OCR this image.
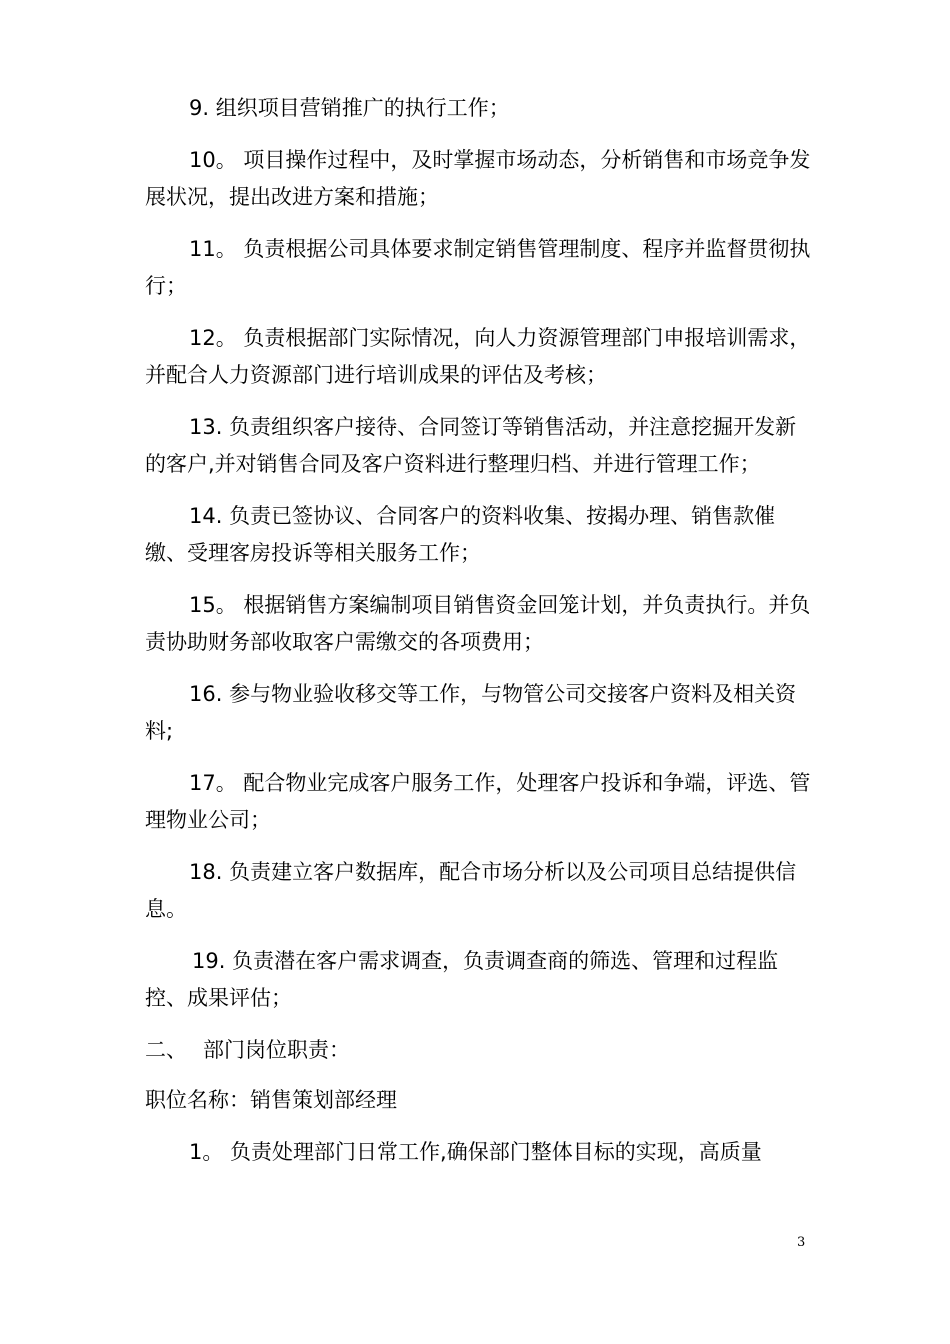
9. 组织项目营销推广的执行工作；

10。 项目操作过程中，及时掌握市场动态，分析销售和市场竞争发展状况，提出改进方案和措施；

11。 负责根据公司具体要求制定销售管理制度、程序并监督贯彻执行；

12。 负责根据部门实际情况，向人力资源管理部门申报培训需求，并配合人力资源部门进行培训成果的评估及考核；

13. 负责组织客户接待、合同签订等销售活动，并注意挖掘开发新的客户,并对销售合同及客户资料进行整理归档、并进行管理工作；

14. 负责已签协议、合同客户的资料收集、按揭办理、销售款催缴、受理客房投诉等相关服务工作；

15。 根据销售方案编制项目销售资金回笼计划，并负责执行。并负责协助财务部收取客户需缴交的各项费用；

16. 参与物业验收移交等工作，与物管公司交接客户资料及相关资料;

17。 配合物业完成客户服务工作，处理客户投诉和争端，评选、管理物业公司；

18. 负责建立客户数据库，配合市场分析以及公司项目总结提供信息。

19. 负责潜在客户需求调查，负责调查商的筛选、管理和过程监控、成果评估；

二、 部门岗位职责：

职位名称：销售策划部经理

1。 负责处理部门日常工作,确保部门整体目标的实现，高质量

3
